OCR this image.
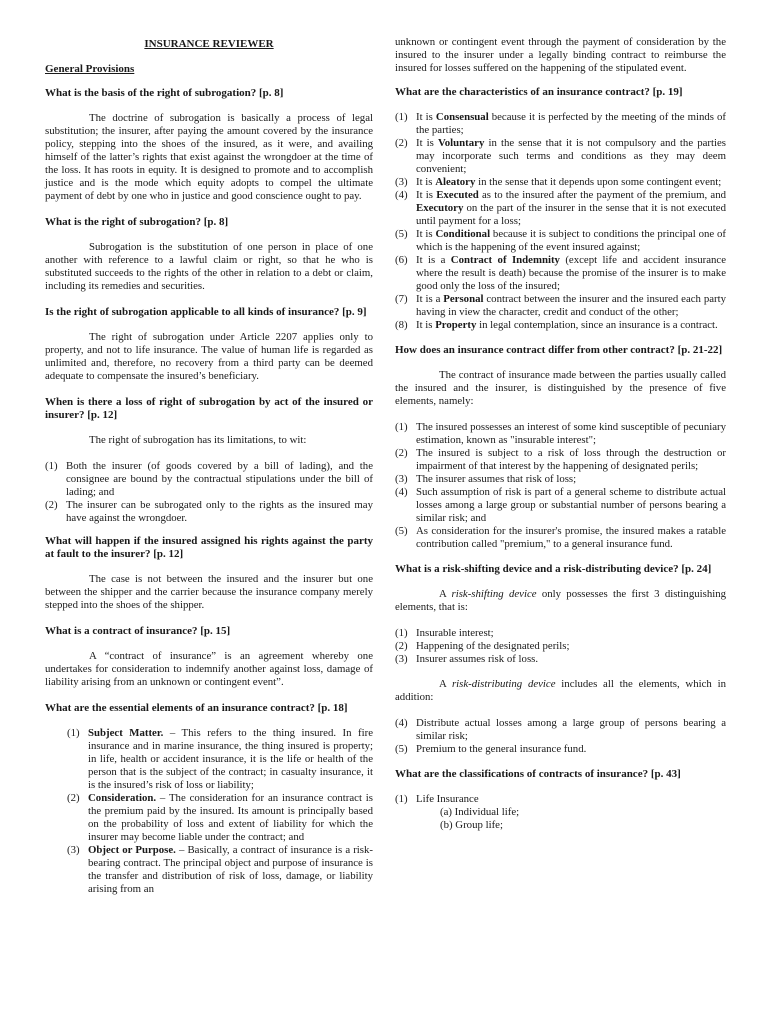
INSURANCE REVIEWER
General Provisions
What is the basis of the right of subrogation? [p. 8]
The doctrine of subrogation is basically a process of legal substitution; the insurer, after paying the amount covered by the insurance policy, stepping into the shoes of the insured, as it were, and availing himself of the latter’s rights that exist against the wrongdoer at the time of the loss. It has roots in equity. It is designed to promote and to accomplish justice and is the mode which equity adopts to compel the ultimate payment of debt by one who in justice and good conscience ought to pay.
What is the right of subrogation? [p. 8]
Subrogation is the substitution of one person in place of one another with reference to a lawful claim or right, so that he who is substituted succeeds to the rights of the other in relation to a debt or claim, including its remedies and securities.
Is the right of subrogation applicable to all kinds of insurance? [p. 9]
The right of subrogation under Article 2207 applies only to property, and not to life insurance. The value of human life is regarded as unlimited and, therefore, no recovery from a third party can be deemed adequate to compensate the insured’s beneficiary.
When is there a loss of right of subrogation by act of the insured or insurer? [p. 12]
The right of subrogation has its limitations, to wit:
(1) Both the insurer (of goods covered by a bill of lading), and the consignee are bound by the contractual stipulations under the bill of lading; and
(2) The insurer can be subrogated only to the rights as the insured may have against the wrongdoer.
What will happen if the insured assigned his rights against the party at fault to the insurer? [p. 12]
The case is not between the insured and the insurer but one between the shipper and the carrier because the insurance company merely stepped into the shoes of the shipper.
What is a contract of insurance? [p. 15]
A “contract of insurance” is an agreement whereby one undertakes for consideration to indemnify another against loss, damage of liability arising from an unknown or contingent event”.
What are the essential elements of an insurance contract? [p. 18]
(1) Subject Matter. – This refers to the thing insured. In fire insurance and in marine insurance, the thing insured is property; in life, health or accident insurance, it is the life or health of the person that is the subject of the contract; in casualty insurance, it is the insured’s risk of loss or liability;
(2) Consideration. – The consideration for an insurance contract is the premium paid by the insured. Its amount is principally based on the probability of loss and extent of liability for which the insurer may become liable under the contract; and
(3) Object or Purpose. – Basically, a contract of insurance is a risk-bearing contract. The principal object and purpose of insurance is the transfer and distribution of risk of loss, damage, or liability arising from an
unknown or contingent event through the payment of consideration by the insured to the insurer under a legally binding contract to reimburse the insured for losses suffered on the happening of the stipulated event.
What are the characteristics of an insurance contract? [p. 19]
(1) It is Consensual because it is perfected by the meeting of the minds of the parties;
(2) It is Voluntary in the sense that it is not compulsory and the parties may incorporate such terms and conditions as they may deem convenient;
(3) It is Aleatory in the sense that it depends upon some contingent event;
(4) It is Executed as to the insured after the payment of the premium, and Executory on the part of the insurer in the sense that it is not executed until payment for a loss;
(5) It is Conditional because it is subject to conditions the principal one of which is the happening of the event insured against;
(6) It is a Contract of Indemnity (except life and accident insurance where the result is death) because the promise of the insurer is to make good only the loss of the insured;
(7) It is a Personal contract between the insurer and the insured each party having in view the character, credit and conduct of the other;
(8) It is Property in legal contemplation, since an insurance is a contract.
How does an insurance contract differ from other contract? [p. 21-22]
The contract of insurance made between the parties usually called the insured and the insurer, is distinguished by the presence of five elements, namely:
(1) The insured possesses an interest of some kind susceptible of pecuniary estimation, known as "insurable interest";
(2) The insured is subject to a risk of loss through the destruction or impairment of that interest by the happening of designated perils;
(3) The insurer assumes that risk of loss;
(4) Such assumption of risk is part of a general scheme to distribute actual losses among a large group or substantial number of persons bearing a similar risk; and
(5) As consideration for the insurer's promise, the insured makes a ratable contribution called "premium," to a general insurance fund.
What is a risk-shifting device and a risk-distributing device? [p. 24]
A risk-shifting device only possesses the first 3 distinguishing elements, that is:
(1) Insurable interest;
(2) Happening of the designated perils;
(3) Insurer assumes risk of loss.
A risk-distributing device includes all the elements, which in addition:
(4) Distribute actual losses among a large group of persons bearing a similar risk;
(5) Premium to the general insurance fund.
What are the classifications of contracts of insurance? [p. 43]
(1) Life Insurance
(a) Individual life;
(b) Group life;
